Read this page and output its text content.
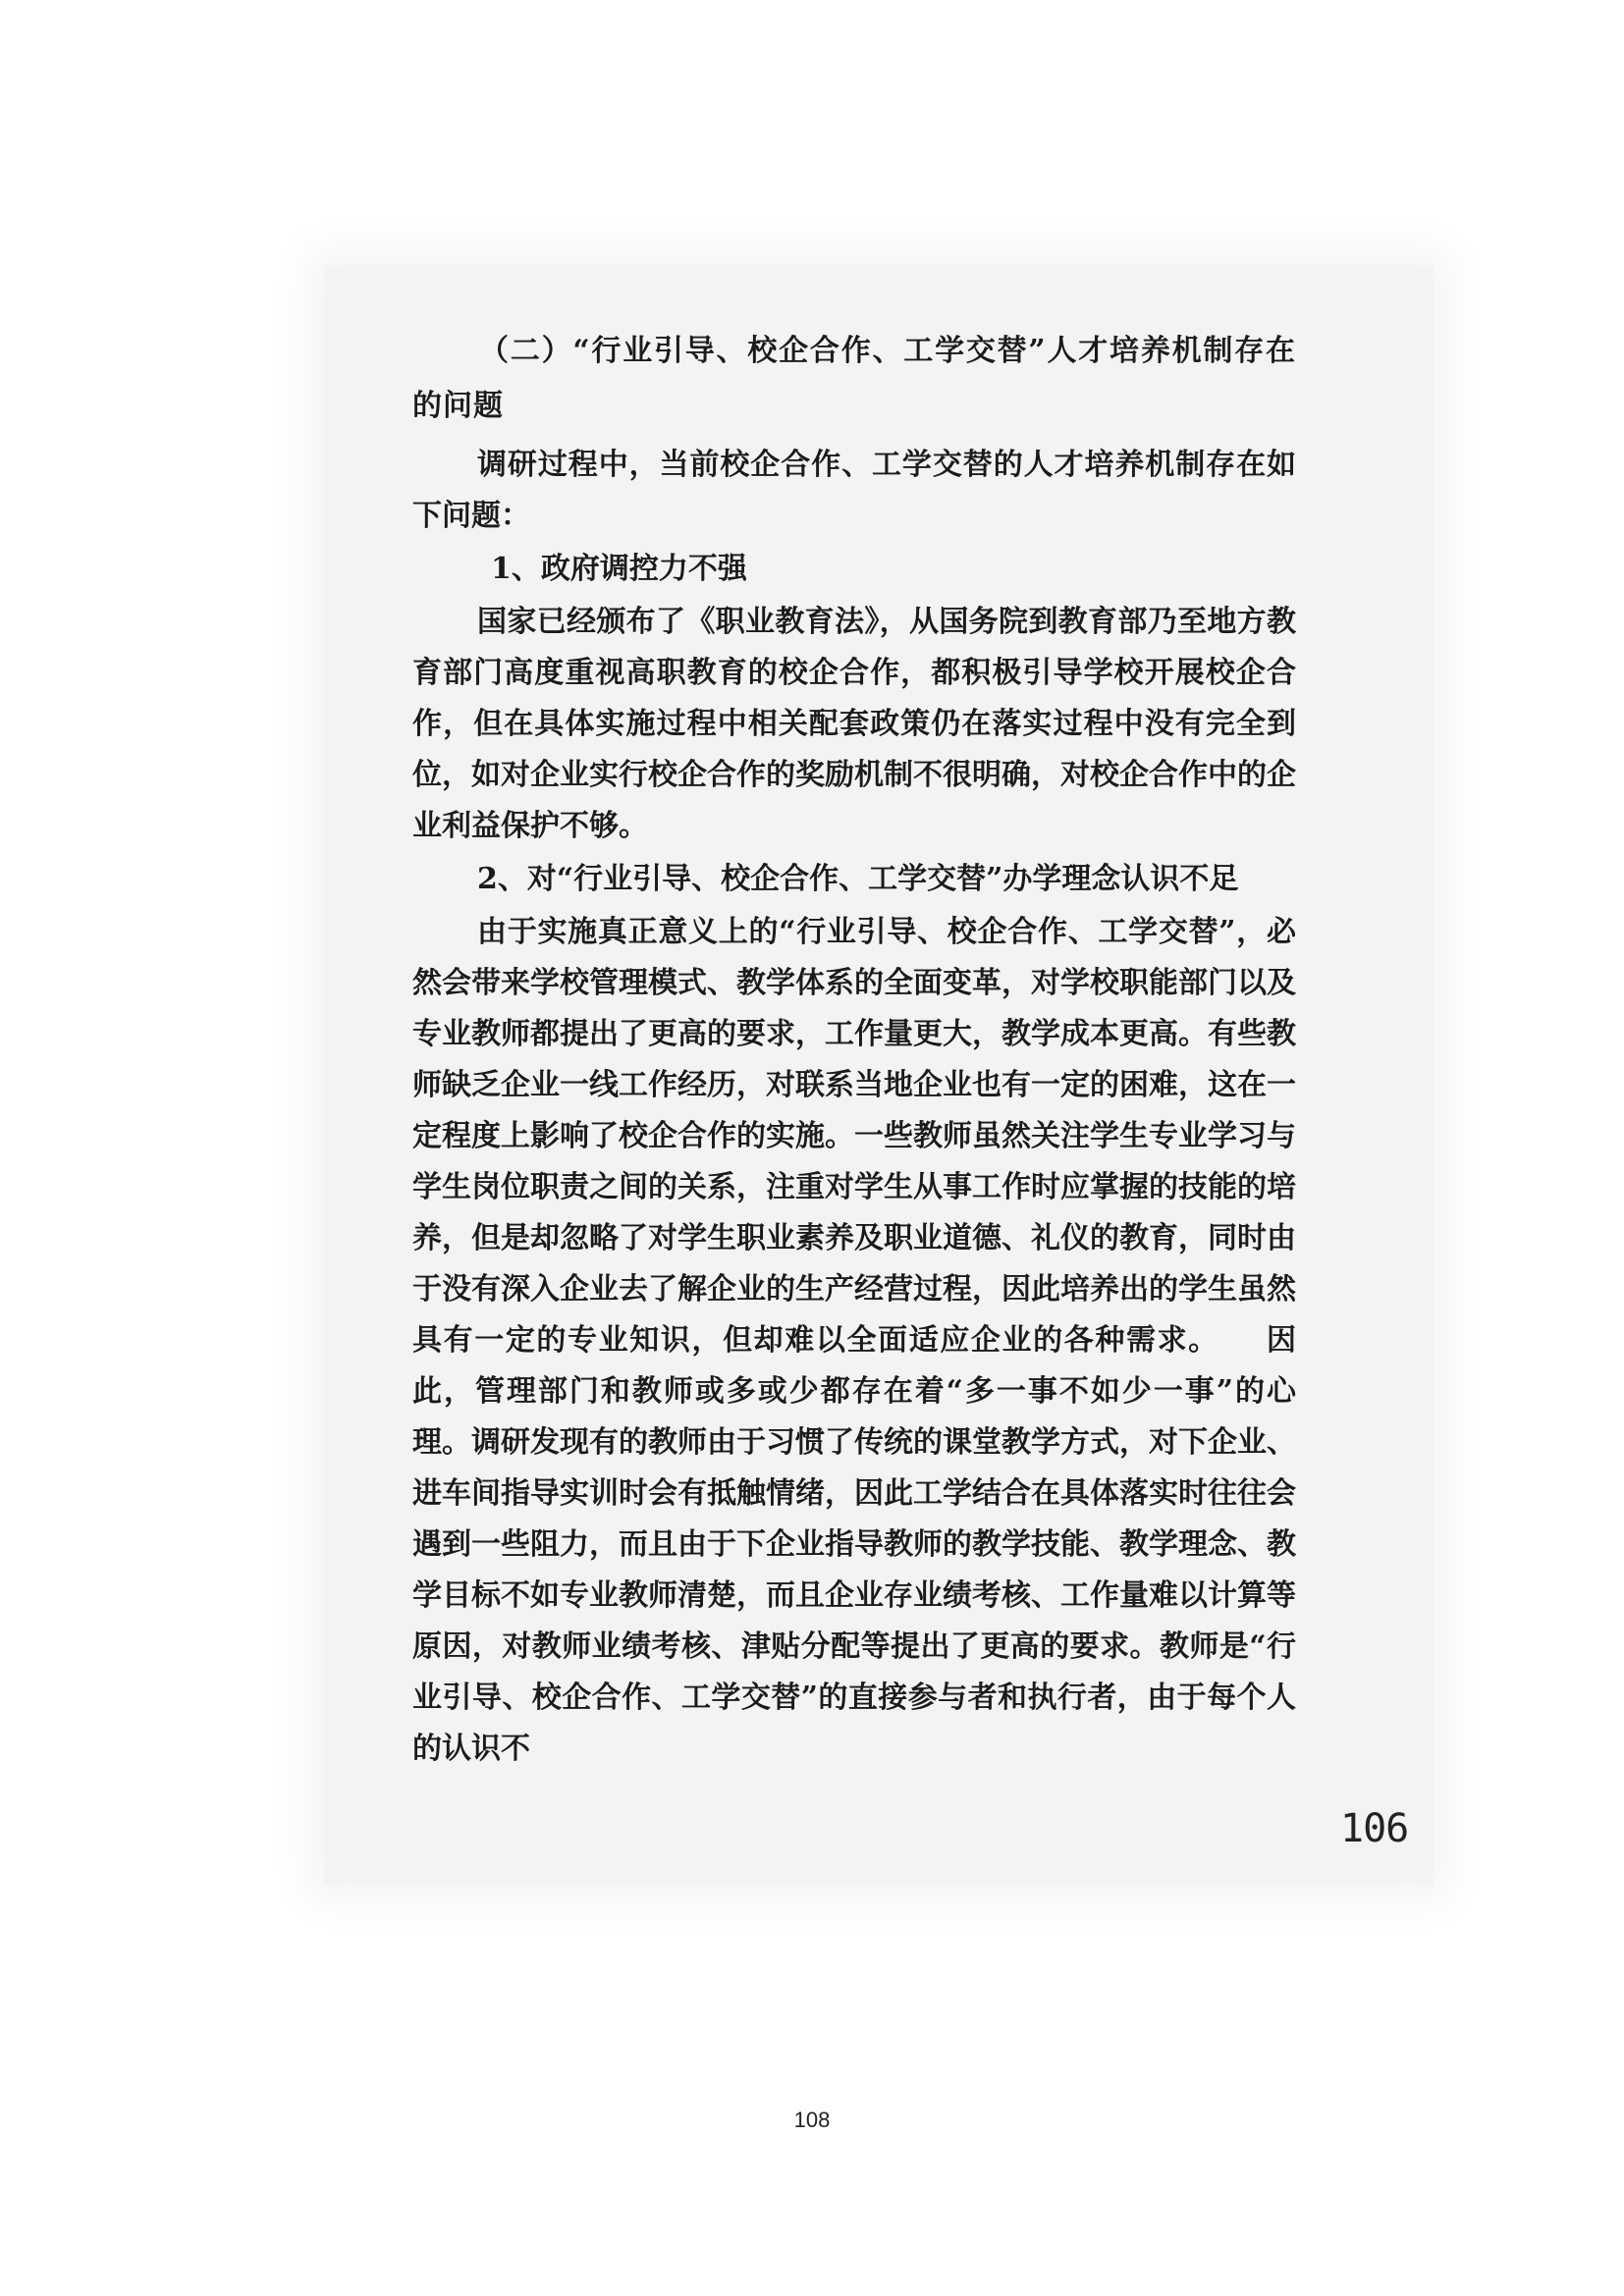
（二）“行业引导、校企合作、工学交替”人才培养机制存在的问题

调研过程中，当前校企合作、工学交替的人才培养机制存在如下问题：

1、政府调控力不强

国家已经颁布了《职业教育法》，从国务院到教育部乃至地方教育部门高度重视高职教育的校企合作，都积极引导学校开展校企合作，但在具体实施过程中相关配套政策仍在落实过程中没有完全到位，如对企业实行校企合作的奖励机制不很明确，对校企合作中的企业利益保护不够。

2、对“行业引导、校企合作、工学交替”办学理念认识不足

由于实施真正意义上的“行业引导、校企合作、工学交替”，必然会带来学校管理模式、教学体系的全面变革，对学校职能部门以及专业教师都提出了更高的要求，工作量更大，教学成本更高。有些教师缺乏企业一线工作经历，对联系当地企业也有一定的困难，这在一定程度上影响了校企合作的实施。一些教师虽然关注学生专业学习与学生岗位职责之间的关系，注重对学生从事工作时应掌握的技能的培养，但是却忽略了对学生职业素养及职业道德、礼仪的教育，同时由于没有深入企业去了解企业的生产经营过程，因此培养出的学生虽然具有一定的专业知识，但却难以全面适应企业的各种需求。　　因此，管理部门和教师或多或少都存在着“多一事不如少一事”的心理。调研发现有的教师由于习惯了传统的课堂教学方式，对下企业、进车间指导实训时会有抵触情绪，因此工学结合在具体落实时往往会遇到一些阻力，而且由于下企业指导教师的教学技能、教学理念、教学目标不如专业教师清楚，而且企业存业绩考核、工作量难以计算等原因，对教师业绩考核、津贴分配等提出了更高的要求。教师是“行业引导、校企合作、工学交替”的直接参与者和执行者，由于每个人的认识不

106
108
